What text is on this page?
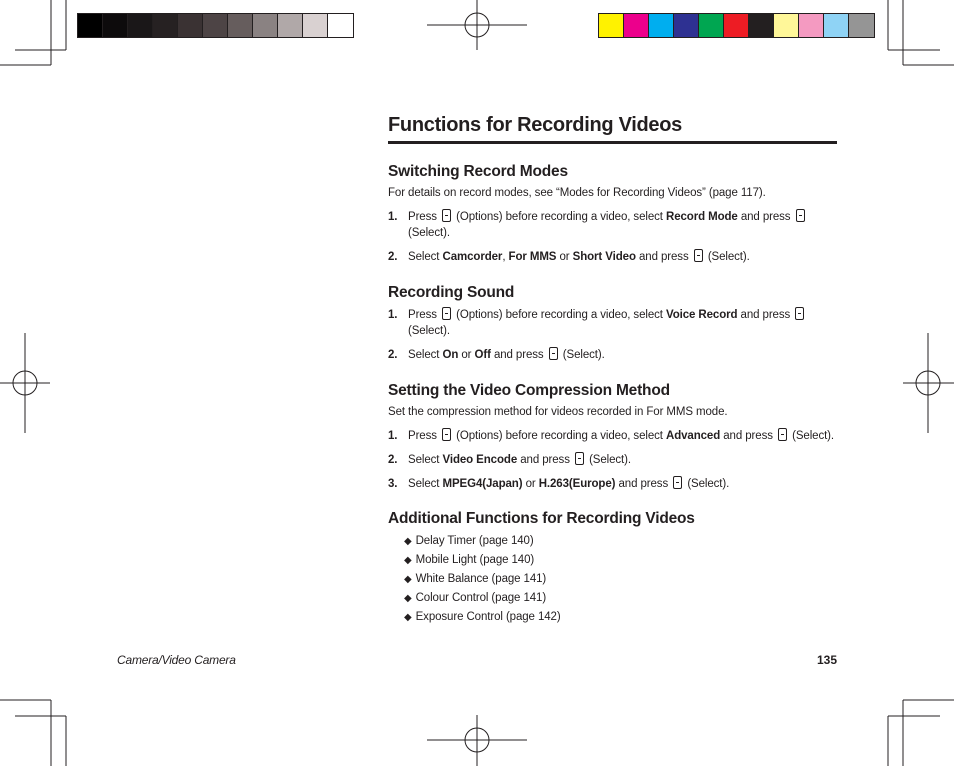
Functions for Recording Videos
Switching Record Modes
For details on record modes, see “Modes for Recording Videos” (page 117).
1. Press (Options) before recording a video, select Record Mode and press
(Select).
2. Select Camcorder, For MMS or Short Video and press (Select).
Recording Sound
1. Press (Options) before recording a video, select Voice Record and press
(Select).
2. Select On or Off and press (Select).
Setting the Video Compression Method
Set the compression method for videos recorded in For MMS mode.
1. Press (Options) before recording a video, select Advanced and press (Select).
2. Select Video Encode and press (Select).
3. Select MPEG4(Japan) or H.263(Europe) and press (Select).
Additional Functions for Recording Videos
◆ Delay Timer (page 140)
◆ Mobile Light (page 140)
◆ White Balance (page 141)
◆ Colour Control (page 141)
◆ Exposure Control (page 142)
Camera/Video Camera	135
